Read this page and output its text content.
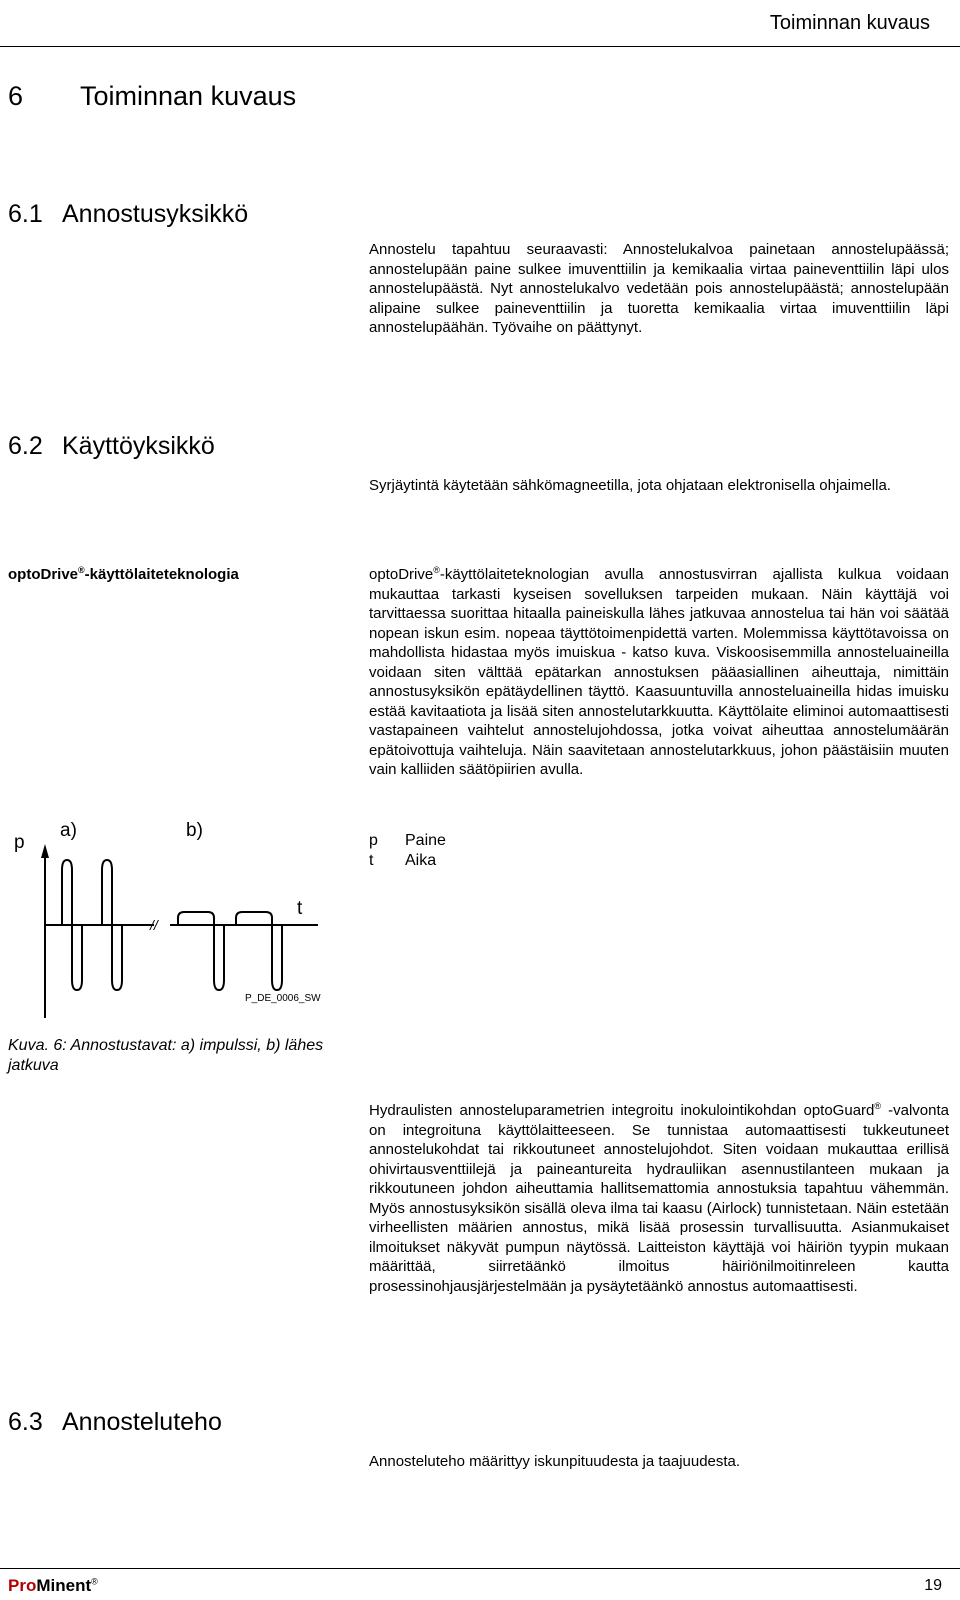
Toiminnan kuvaus
6 Toiminnan kuvaus
6.1 Annostusyksikkö
Annostelu tapahtuu seuraavasti: Annostelukalvoa painetaan annostelupäässä; annostelupään paine sulkee imuventtiilin ja kemikaalia virtaa paineventtiilin läpi ulos annostelupäästä. Nyt annostelukalvo vedetään pois annostelupäästä; annostelupään alipaine sulkee paineventtiilin ja tuoretta kemikaalia virtaa imuventtiilin läpi annostelupäähän. Työvaihe on päättynyt.
6.2 Käyttöyksikkö
Syrjäytintä käytetään sähkömagneetilla, jota ohjataan elektronisella ohjaimella.
optoDrive®-käyttölaiteteknologia	optoDrive®-käyttölaiteteknologian avulla annostusvirran ajallista kulkua voidaan mukauttaa tarkasti kyseisen sovelluksen tarpeiden mukaan. Näin käyttäjä voi tarvittaessa suorittaa hitaalla paineiskulla lähes jatkuvaa annostelua tai hän voi säätää nopean iskun esim. nopeaa täyttötoimenpidettä varten. Molemmissa käyttötavoissa on mahdollista hidastaa myös imuiskua - katso kuva. Viskoosisemmilla annosteluaineilla voidaan siten välttää epätarkan annostuksen pääasiallinen aiheuttaja, nimittäin annostusyksikön epätäydellinen täyttö. Kaasuuntuvilla annosteluaineilla hidas imuisku estää kavitaatiota ja lisää siten annostelutarkkuutta. Käyttölaite eliminoi automaattisesti vastapaineen vaihtelut annostelujohdossa, jotka voivat aiheuttaa annostelumäärän epätoivottuja vaihteluja. Näin saavitetaan annostelutarkkuus, johon päästäisiin muuten vain kalliiden säätöpiirien avulla.
//
p
a)	b)
t
P_DE_0006_SW
p Paine
t Aika
Kuva. 6: Annostustavat: a) impulssi, b) lähes jatkuva
Hydraulisten annosteluparametrien integroitu inokulointikohdan optoGuard® -valvonta on integroituna käyttölaitteeseen. Se tunnistaa automaattisesti tukkeutuneet annostelukohdat tai rikkoutuneet annostelujohdot. Siten voidaan mukauttaa erillisä ohivirtausventtiilejä ja paineantureita hydrauliikan asennustilanteen mukaan ja rikkoutuneen johdon aiheuttamia hallitsemattomia annostuksia tapahtuu vähemmän. Myös annostusyksikön sisällä oleva ilma tai kaasu (Airlock) tunnistetaan. Näin estetään virheellisten määrien annostus, mikä lisää prosessin turvallisuutta. Asianmukaiset ilmoitukset näkyvät pumpun näytössä. Laitteiston käyttäjä voi häiriön tyypin mukaan määrittää, siirretäänkö ilmoitus häiriönilmoitinreleen kautta prosessinohjausjärjestelmään ja pysäytetäänkö annostus automaattisesti.
6.3 Annosteluteho
Annosteluteho määrittyy iskunpituudesta ja taajuudesta.
ProMinent®	19
